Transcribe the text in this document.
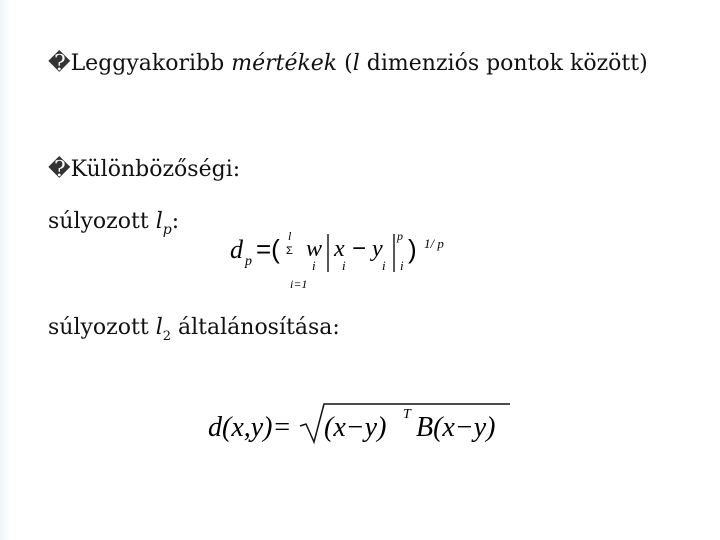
�Leggyakoribb mértékek (l dimenziós pontok között)
�Különbözőségi:
súlyozott $l_p$:
súlyozott $l_2$ általánosítása:
d p =( l
Σ
i=1
w
i
x
i
− y
i
p
i
) 1/ p
d(x,y)= (x−y) T B(x−y)
